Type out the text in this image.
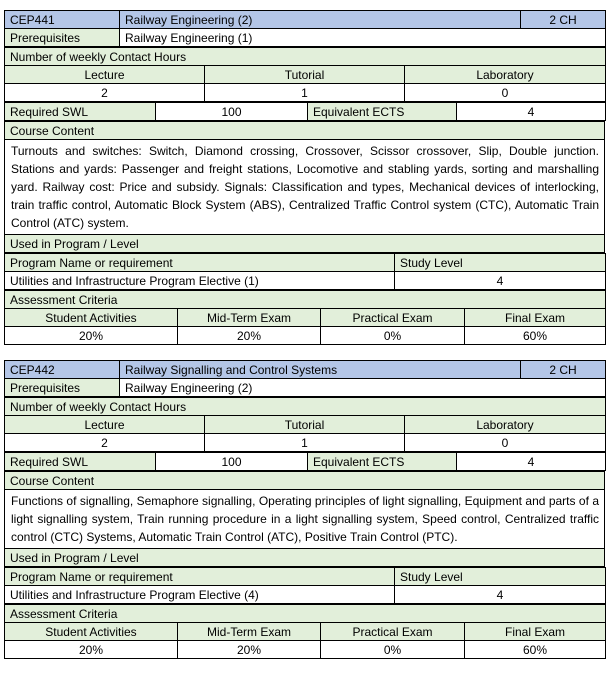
CEP441	Railway Engineering (2)	2 CH
Prerequisites	Railway Engineering (1)	
Number of weekly Contact Hours		
Lecture	Tutorial	Laboratory
2	1	0
Required SWL	100	Equivalent ECTS	4
Course Content
Turnouts and switches: Switch, Diamond crossing, Crossover, Scissor crossover, Slip, Double junction. Stations and yards: Passenger and freight stations, Locomotive and stabling yards, sorting and marshalling yard. Railway cost: Price and subsidy. Signals: Classification and types, Mechanical devices of interlocking, train traffic control, Automatic Block System (ABS), Centralized Traffic Control system (CTC), Automatic Train Control (ATC) system.
Used in Program / Level
Program Name or requirement	Study Level
Utilities and Infrastructure Program Elective (1)	4
Assessment Criteria			
Student Activities	Mid-Term Exam	Practical Exam	Final Exam
20%	20%	0%	60%
CEP442	Railway Signalling and Control Systems	2 CH
Prerequisites	Railway Engineering (2)	
Number of weekly Contact Hours		
Lecture	Tutorial	Laboratory
2	1	0
Required SWL	100	Equivalent ECTS	4
Course Content
Functions of signalling, Semaphore signalling, Operating principles of light signalling, Equipment and parts of a light signalling system, Train running procedure in a light signalling system, Speed control, Centralized traffic control (CTC) Systems, Automatic Train Control (ATC), Positive Train Control (PTC).
Used in Program / Level
Program Name or requirement	Study Level
Utilities and Infrastructure Program Elective (4)	4
Assessment Criteria			
Student Activities	Mid-Term Exam	Practical Exam	Final Exam
20%	20%	0%	60%
